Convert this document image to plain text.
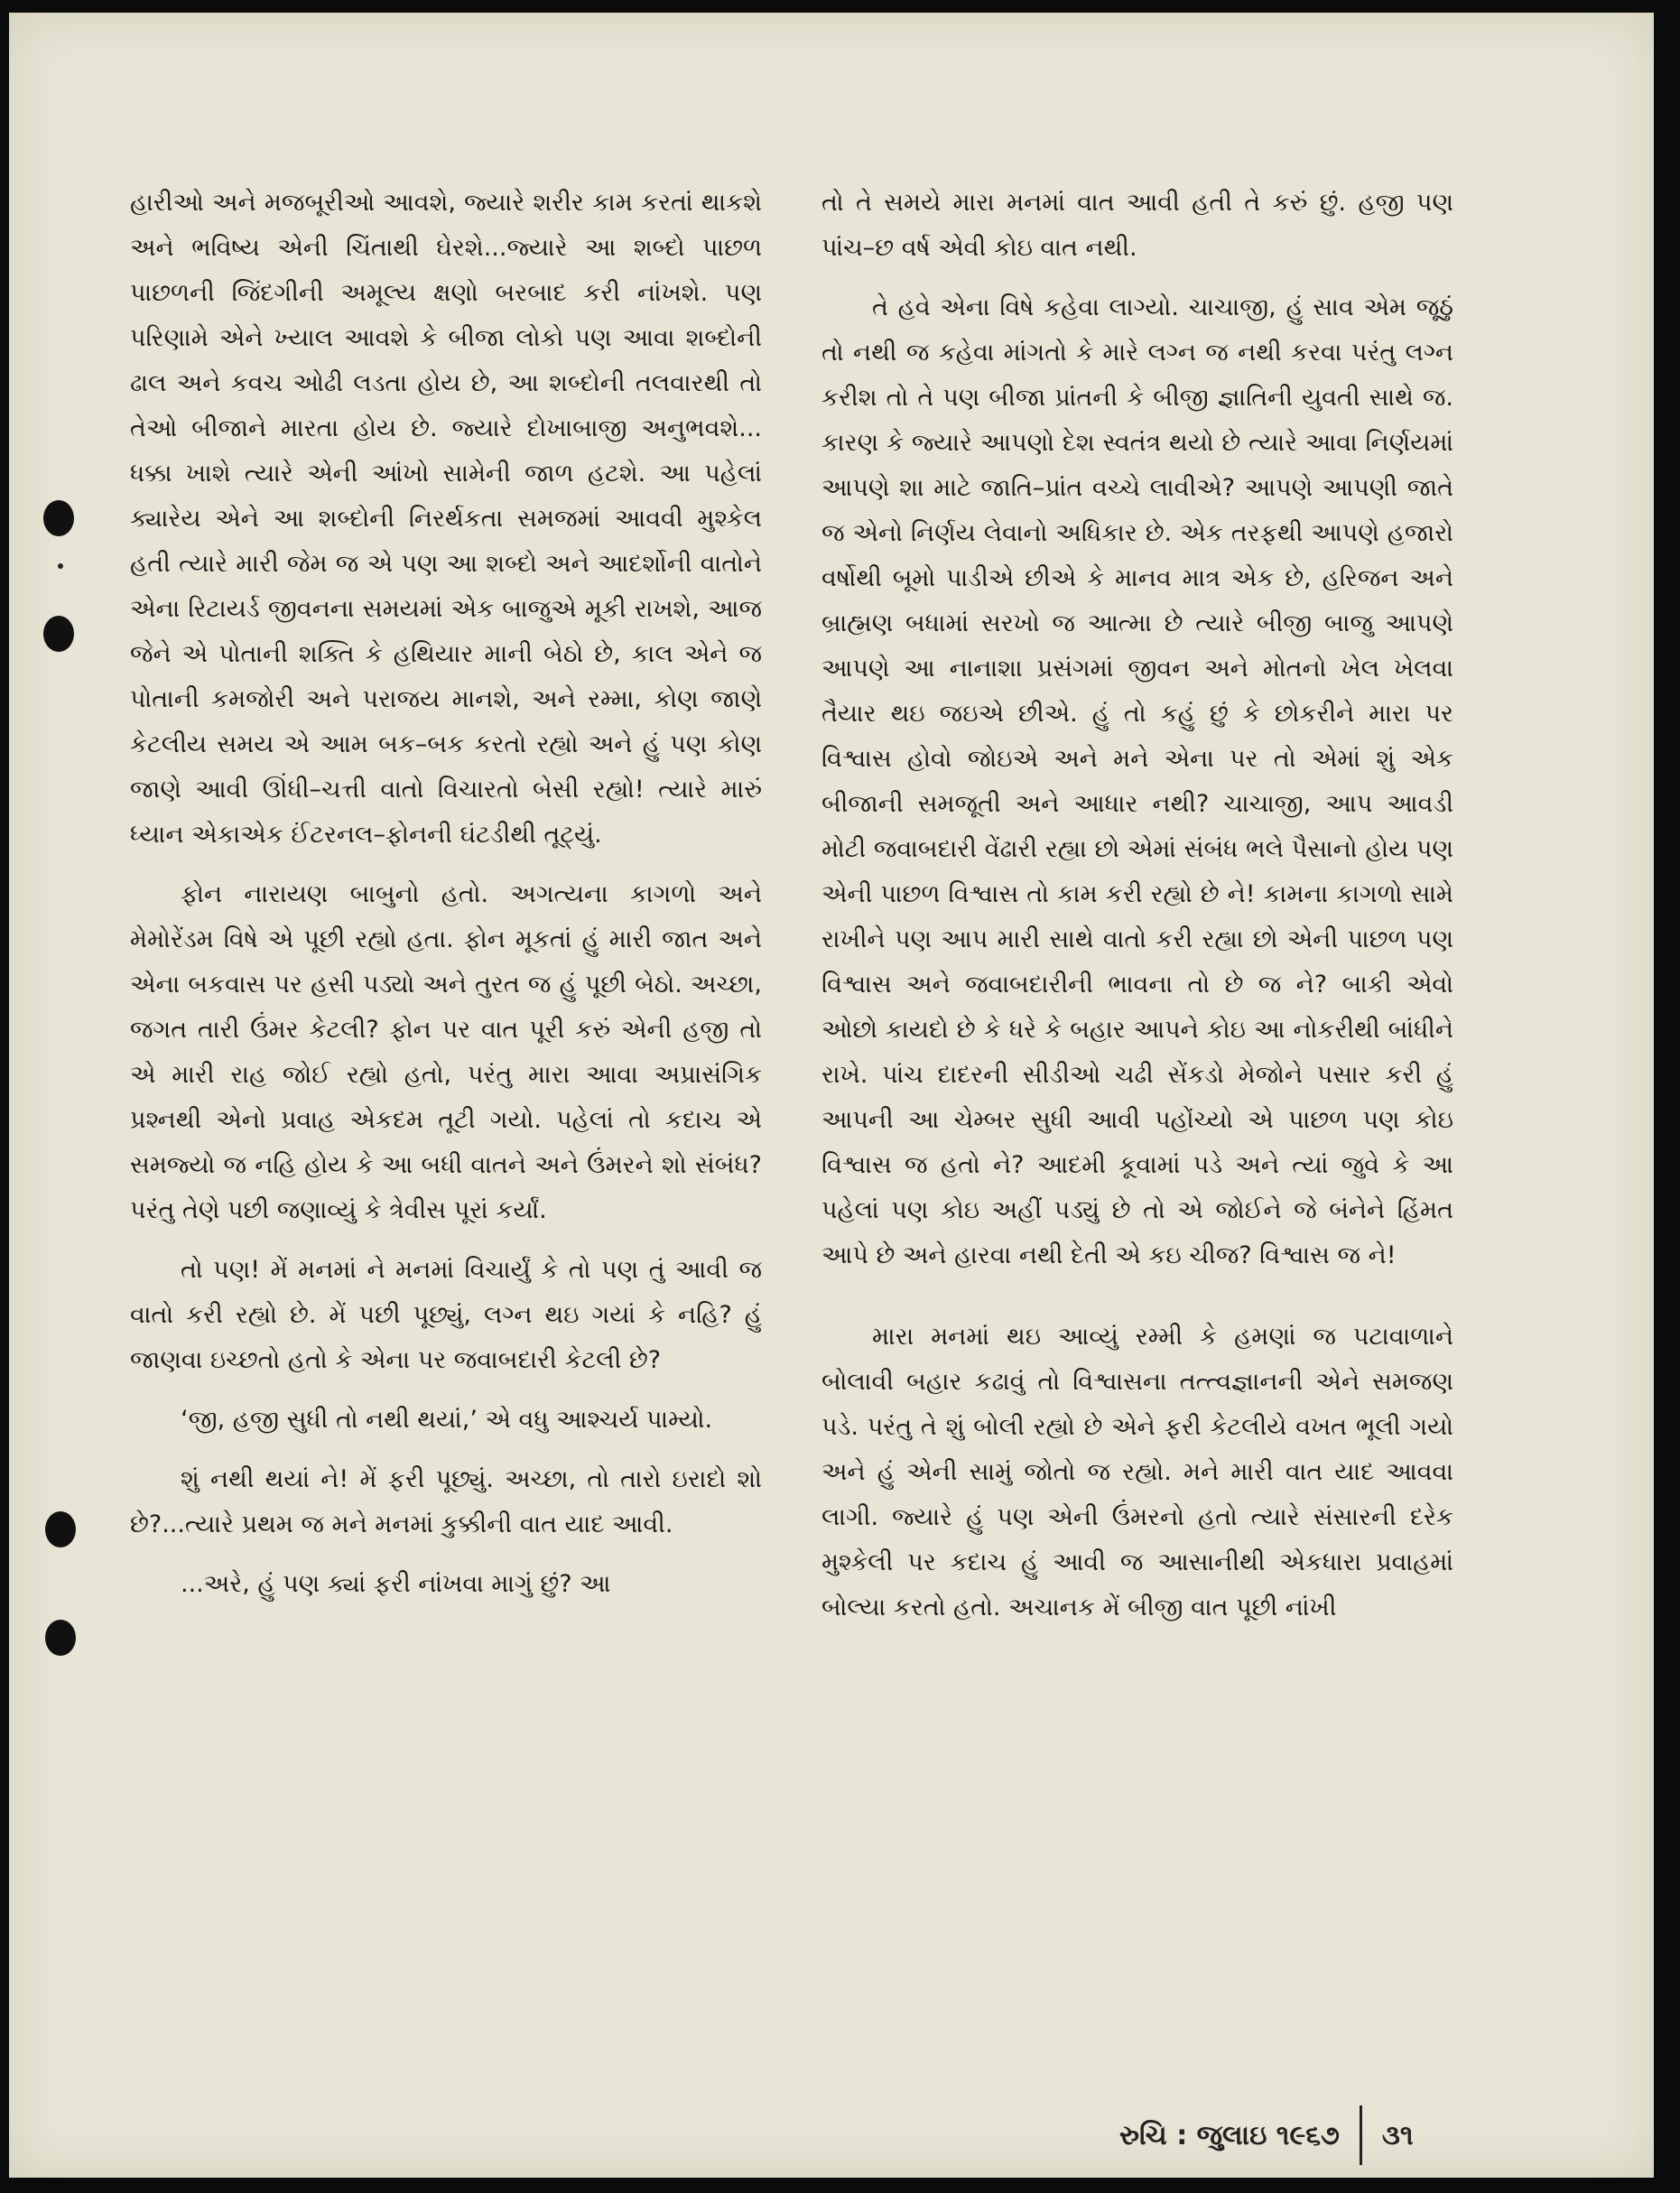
હારીઓ અને મજબૂરીઓ આવશે, જ્યારે શરીર કામ કરતાં થાકશે અને ભવિષ્ય એની ચિંતાથી ઘેરશે...જ્યારે આ શબ્દો પાછળ પાછળની જિંદગીની અમૂલ્ય ક્ષણો બરબાદ કરી નાંખશે. પણ પરિણામે એને ખ્યાલ આવશે કે બીજા લોકો પણ આવા શબ્દોની ઢાલ અને કવચ ઓઢી લડતા હોય છે, આ શબ્દોની તલવારથી તો તેઓ બીજાને મારતા હોય છે. જ્યારે દોખાબાજી અનુભવશે... ધક્કા ખાશે ત્યારે એની આંખો સામેની જાળ હટશે. આ પહેલાં ક્યારેય એને આ શબ્દોની નિરર્થકતા સમજમાં આવવી મુશ્કેલ હતી ત્યારે મારી જેમ જ એ પણ આ શબ્દો અને આદર્શોની વાતોને એના રિટાયર્ડ જીવનના સમયમાં એક બાજુએ મૂકી રાખશે, આજ જેને એ પોતાની શક્તિ કે હથિયાર માની બેઠો છે, કાલ એને જ પોતાની કમજોરી અને પરાજય માનશે, અને રમ્મા, કોણ જાણે કેટલીય સમય એ આમ બક–બક કરતો રહ્યો અને હું પણ કોણ જાણે આવી ઊંધી–ચત્તી વાતો વિચારતો બેસી રહ્યો! ત્યારે મારું ધ્યાન એકાએક ઈંટરનલ–ફોનની ઘંટડીથી તૂટ્યું.

ફોન નારાયણ બાબુનો હતો. અગત્યના કાગળો અને મેમોરેંડમ વિષે એ પૂછી રહ્યો હતા. ફોન મૂકતાં હું મારી જાત અને એના બકવાસ પર હસી પડ્યો અને તુરત જ હું પૂછી બેઠો. અચ્છા, જગત તારી ઉંમર કેટલી? ફોન પર વાત પૂરી કરું એની હજી તો એ મારી રાહ જોઈ રહ્યો હતો, પરંતુ મારા આવા અપ્રાસંગિક પ્રશ્નથી એનો પ્રવાહ એકદમ તૂટી ગયો. પહેલાં તો કદાચ એ સમજ્યો જ નહિ હોય કે આ બધી વાતને અને ઉંમરને શો સંબંધ? પરંતુ તેણે પછી જણાવ્યું કે ત્રેવીસ પૂરાં કર્યાં.

તો પણ! મેં મનમાં ને મનમાં વિચાર્યું કે તો પણ તું આવી જ વાતો કરી રહ્યો છે. મેં પછી પૂછ્યું, લગ્ન થઇ ગયાં કે નહિ? હું જાણવા ઇચ્છતો હતો કે એના પર જવાબદારી કેટલી છે?

‘જી, હજી સુધી તો નથી થયાં,’ એ વધુ આશ્ચર્ય પામ્યો.

શું નથી થયાં ને! મેં ફરી પૂછ્યું. અચ્છા, તો તારો ઇરાદો શો છે?...ત્યારે પ્રથમ જ મને મનમાં કુક્કીની વાત યાદ આવી.

...અરે, હું પણ ક્યાં ફરી નાંખવા માગું છું? આ

તો તે સમયે મારા મનમાં વાત આવી હતી તે કરું છું. હજી પણ પાંચ–છ વર્ષ એવી કોઇ વાત નથી.

તે હવે એના વિષે કહેવા લાગ્યો. ચાચાજી, હું સાવ એમ જૂઠું તો નથી જ કહેવા માંગતો કે મારે લગ્ન જ નથી કરવા પરંતુ લગ્ન કરીશ તો તે પણ બીજા પ્રાંતની કે બીજી જ્ઞાતિની યુવતી સાથે જ. કારણ કે જ્યારે આપણો દેશ સ્વતંત્ર થયો છે ત્યારે આવા નિર્ણયમાં આપણે શા માટે જાતિ–પ્રાંત વચ્ચે લાવીએ? આપણે આપણી જાતે જ એનો નિર્ણય લેવાનો અધિકાર છે. એક તરફથી આપણે હજારો વર્ષોથી બૂમો પાડીએ છીએ કે માનવ માત્ર એક છે, હરિજન અને બ્રાહ્મણ બધામાં સરખો જ આત્મા છે ત્યારે બીજી બાજુ આપણે આપણે આ નાનાશા પ્રસંગમાં જીવન અને મોતનો ખેલ ખેલવા તૈયાર થઇ જઇએ છીએ. હું તો કહું છું કે છોકરીને મારા પર વિશ્વાસ હોવો જોઇએ અને મને એના પર તો એમાં શું એક બીજાની સમજૂતી અને આધાર નથી? ચાચાજી, આપ આવડી મોટી જવાબદારી વેંઢારી રહ્યા છો એમાં સંબંધ ભલે પૈસાનો હોય પણ એની પાછળ વિશ્વાસ તો કામ કરી રહ્યો છે ને! કામના કાગળો સામે રાખીને પણ આપ મારી સાથે વાતો કરી રહ્યા છો એની પાછળ પણ વિશ્વાસ અને જવાબદારીની ભાવના તો છે જ ને? બાકી એવો ઓછો કાયદો છે કે ધરે કે બહાર આપને કોઇ આ નોકરીથી બાંધીને રાખે. પાંચ દાદરની સીડીઓ ચઢી સેંકડો મેજોને પસાર કરી હું આપની આ ચેમ્બર સુધી આવી પહોંચ્યો એ પાછળ પણ કોઇ વિશ્વાસ જ હતો ને? આદમી કૂવામાં પડે અને ત્યાં જુવે કે આ પહેલાં પણ કોઇ અહીં પડ્યું છે તો એ જોઈને જે બંનેને હિંમત આપે છે અને હારવા નથી દેતી એ કઇ ચીજ? વિશ્વાસ જ ને!

મારા મનમાં થઇ આવ્યું રમ્મી કે હમણાં જ પટાવાળાને બોલાવી બહાર કઢાવું તો વિશ્વાસના તત્ત્વજ્ઞાનની એને સમજણ પડે. પરંતુ તે શું બોલી રહ્યો છે એને ફરી કેટલીયે વખત ભૂલી ગયો અને હું એની સામું જોતો જ રહ્યો. મને મારી વાત યાદ આવવા લાગી. જ્યારે હું પણ એની ઉંમરનો હતો ત્યારે સંસારની દરેક મુશ્કેલી પર કદાચ હું આવી જ આસાનીથી એકધારા પ્રવાહમાં બોલ્યા કરતો હતો. અચાનક મેં બીજી વાત પૂછી નાંખી

રુચિ : જુલાઇ ૧૯૬૭ ૩૧
